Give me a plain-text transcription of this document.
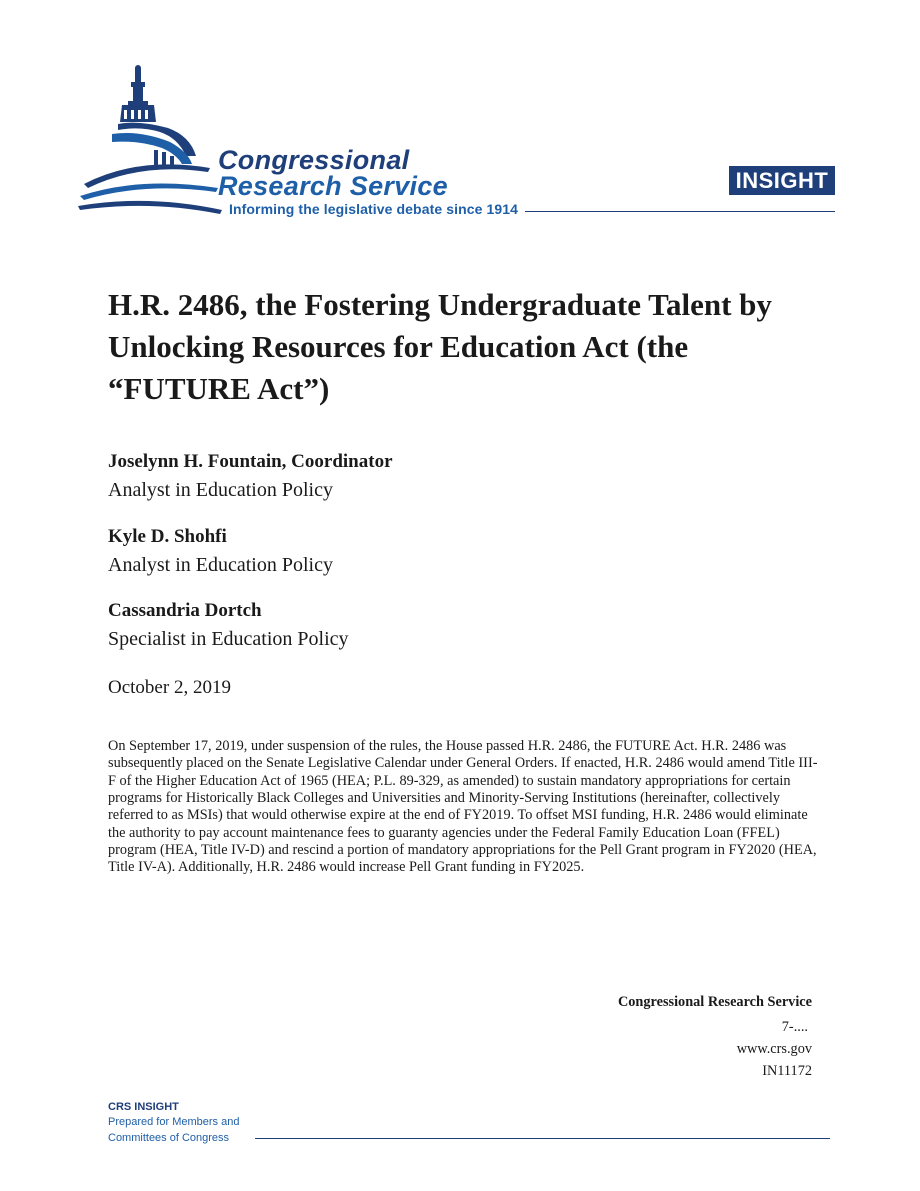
Congressional
Research Service
Informing the legislative debate since 1914
INSIGHT
H.R. 2486, the Fostering Undergraduate Talent by Unlocking Resources for Education Act (the “FUTURE Act”)
Joselynn H. Fountain, Coordinator
Analyst in Education Policy
Kyle D. Shohfi
Analyst in Education Policy
Cassandria Dortch
Specialist in Education Policy
October 2, 2019

On September 17, 2019, under suspension of the rules, the House passed H.R. 2486, the FUTURE Act. H.R. 2486 was subsequently placed on the Senate Legislative Calendar under General Orders. If enacted, H.R. 2486 would amend Title III-F of the Higher Education Act of 1965 (HEA; P.L. 89-329, as amended) to sustain mandatory appropriations for certain programs for Historically Black Colleges and Universities and Minority-Serving Institutions (hereinafter, collectively referred to as MSIs) that would otherwise expire at the end of FY2019. To offset MSI funding, H.R. 2486 would eliminate the authority to pay account maintenance fees to guaranty agencies under the Federal Family Education Loan (FFEL) program (HEA, Title IV-D) and rescind a portion of mandatory appropriations for the Pell Grant program in FY2020 (HEA, Title IV-A). Additionally, H.R. 2486 would increase Pell Grant funding in FY2025.

Congressional Research Service
7-....
www.crs.gov
IN11172
CRS INSIGHT
Prepared for Members and
Committees of Congress
